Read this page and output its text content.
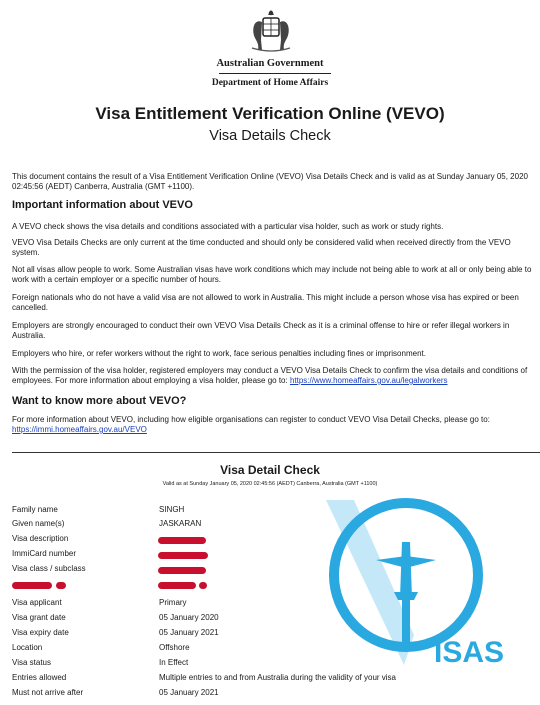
Australian Government
Department of Home Affairs
Visa Entitlement Verification Online (VEVO)
Visa Details Check
This document contains the result of a Visa Entitlement Verification Online (VEVO) Visa Details Check and is valid as at Sunday January 05, 2020 02:45:56 (AEDT) Canberra, Australia (GMT +1100).
Important information about VEVO
A VEVO check shows the visa details and conditions associated with a particular visa holder, such as work or study rights.
VEVO Visa Details Checks are only current at the time conducted and should only be considered valid when received directly from the VEVO system.
Not all visas allow people to work. Some Australian visas have work conditions which may include not being able to work at all or only being able to work with a certain employer or a specific number of hours.
Foreign nationals who do not have a valid visa are not allowed to work in Australia. This might include a person whose visa has expired or been cancelled.
Employers are strongly encouraged to conduct their own VEVO Visa Details Check as it is a criminal offense to hire or refer illegal workers in Australia.
Employers who hire, or refer workers without the right to work, face serious penalties including fines or imprisonment.
With the permission of the visa holder, registered employers may conduct a VEVO Visa Details Check to confirm the visa details and conditions of employees. For more information about employing a visa holder, please go to: https://www.homeaffairs.gov.au/legalworkers
Want to know more about VEVO?
For more information about VEVO, including how eligible organisations can register to conduct VEVO Visa Detail Checks, please go to: https://immi.homeaffairs.gov.au/VEVO
Visa Detail Check
Valid as at Sunday January 05, 2020 02:45:56 (AEDT) Canberra, Australia (GMT +1100)
ISAS
Family name	SINGH
Given name(s)	JASKARAN
Visa description
ImmiCard number
Visa class / subclass
Visa applicant	Primary
Visa grant date	05 January 2020
Visa expiry date	05 January 2021
Location	Offshore
Visa status	In Effect
Entries allowed	Multiple entries to and from Australia during the validity of your visa
Must not arrive after	05 January 2021
